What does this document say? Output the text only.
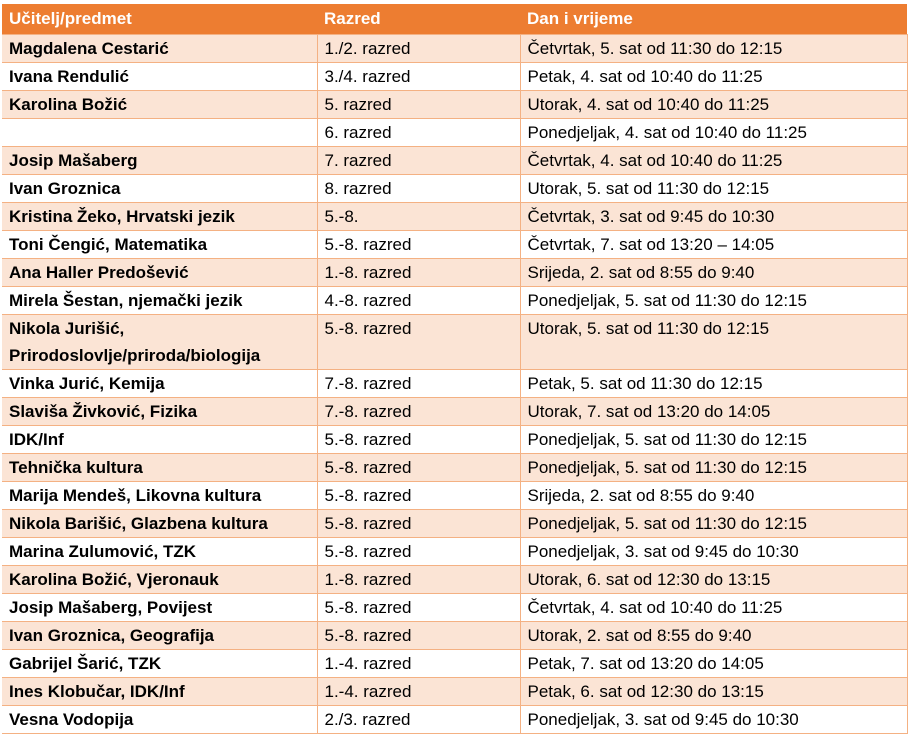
Učitelj/predmet	Razred	Dan i vrijeme
Magdalena Cestarić	1./2. razred	Četvrtak, 5. sat od 11:30 do 12:15
Ivana Rendulić	3./4. razred	Petak, 4. sat od 10:40 do 11:25
Karolina Božić	5. razred	Utorak, 4. sat od 10:40 do 11:25
	6. razred	Ponedjeljak, 4. sat od 10:40 do 11:25
Josip Mašaberg	7. razred	Četvrtak, 4. sat od 10:40 do 11:25
Ivan Groznica	8. razred	Utorak, 5. sat od 11:30 do 12:15
Kristina Žeko, Hrvatski jezik	5.-8.	Četvrtak, 3. sat od 9:45 do 10:30
Toni Čengić, Matematika	5.-8. razred	Četvrtak, 7. sat od 13:20 – 14:05
Ana Haller Predošević	1.-8. razred	Srijeda, 2. sat od 8:55 do 9:40
Mirela Šestan, njemački jezik	4.-8. razred	Ponedjeljak, 5. sat od 11:30 do 12:15

Nikola Jurišić,
Prirodoslovlje/priroda/biologija	5.-8. razred	Utorak, 5. sat od 11:30 do 12:15
Vinka Jurić, Kemija	7.-8. razred	Petak, 5. sat od 11:30 do 12:15
Slaviša Živković, Fizika	7.-8. razred	Utorak, 7. sat od 13:20 do 14:05
IDK/Inf	5.-8. razred	Ponedjeljak, 5. sat od 11:30 do 12:15
Tehnička kultura	5.-8. razred	Ponedjeljak, 5. sat od 11:30 do 12:15
Marija Mendeš, Likovna kultura	5.-8. razred	Srijeda, 2. sat od 8:55 do 9:40
Nikola Barišić, Glazbena kultura	5.-8. razred	Ponedjeljak, 5. sat od 11:30 do 12:15
Marina Zulumović, TZK	5.-8. razred	Ponedjeljak, 3. sat od 9:45 do 10:30
Karolina Božić, Vjeronauk	1.-8. razred	Utorak, 6. sat od 12:30 do 13:15
Josip Mašaberg, Povijest	5.-8. razred	Četvrtak, 4. sat od 10:40 do 11:25
Ivan Groznica, Geografija	5.-8. razred	Utorak, 2. sat od 8:55 do 9:40
Gabrijel Šarić, TZK	1.-4. razred	Petak, 7. sat od 13:20 do 14:05
Ines Klobučar, IDK/Inf	1.-4. razred	Petak, 6. sat od 12:30 do 13:15
Vesna Vodopija	2./3. razred	Ponedjeljak, 3. sat od 9:45 do 10:30
